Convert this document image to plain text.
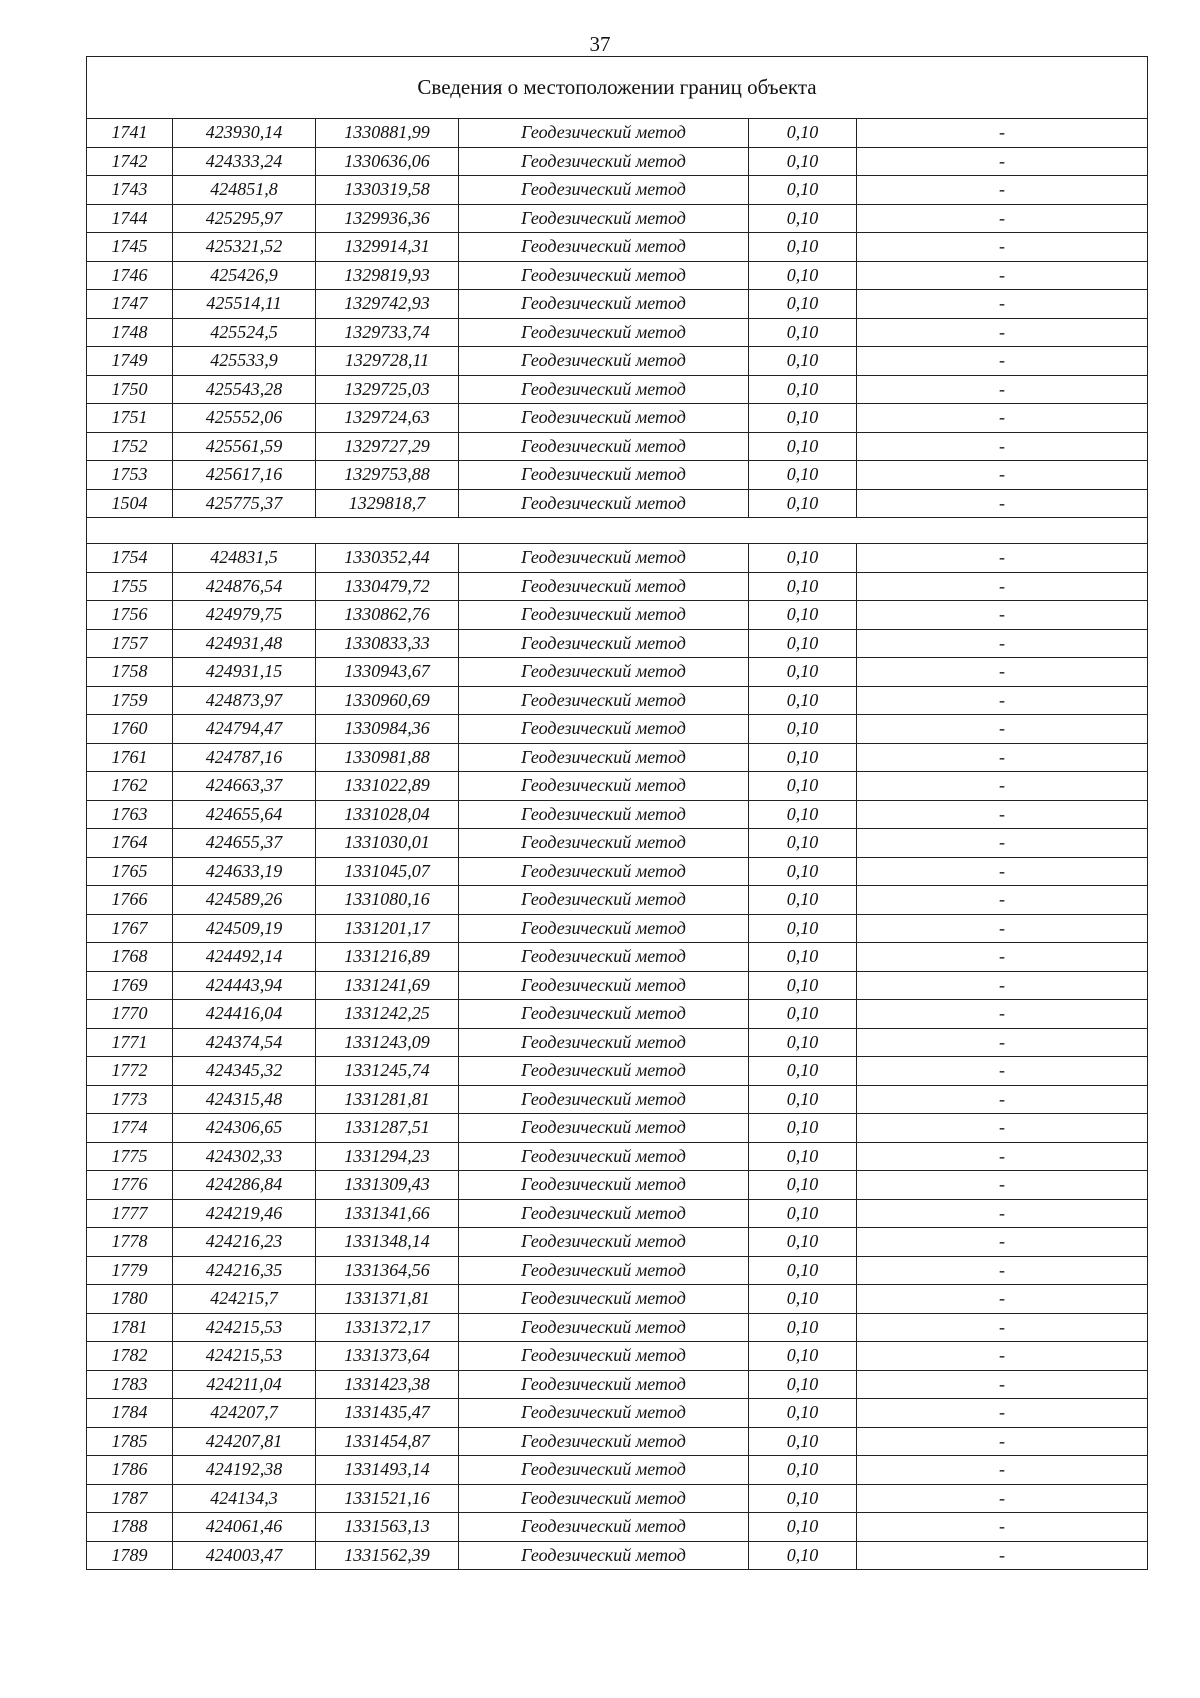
37
Сведения о местоположении границ объекта					
1741	423930,14	1330881,99	Геодезический метод	0,10	-
1742	424333,24	1330636,06	Геодезический метод	0,10	-
1743	424851,8	1330319,58	Геодезический метод	0,10	-
1744	425295,97	1329936,36	Геодезический метод	0,10	-
1745	425321,52	1329914,31	Геодезический метод	0,10	-
1746	425426,9	1329819,93	Геодезический метод	0,10	-
1747	425514,11	1329742,93	Геодезический метод	0,10	-
1748	425524,5	1329733,74	Геодезический метод	0,10	-
1749	425533,9	1329728,11	Геодезический метод	0,10	-
1750	425543,28	1329725,03	Геодезический метод	0,10	-
1751	425552,06	1329724,63	Геодезический метод	0,10	-
1752	425561,59	1329727,29	Геодезический метод	0,10	-
1753	425617,16	1329753,88	Геодезический метод	0,10	-
1504	425775,37	1329818,7	Геодезический метод	0,10	-

1754	424831,5	1330352,44	Геодезический метод	0,10	-
1755	424876,54	1330479,72	Геодезический метод	0,10	-
1756	424979,75	1330862,76	Геодезический метод	0,10	-
1757	424931,48	1330833,33	Геодезический метод	0,10	-
1758	424931,15	1330943,67	Геодезический метод	0,10	-
1759	424873,97	1330960,69	Геодезический метод	0,10	-
1760	424794,47	1330984,36	Геодезический метод	0,10	-
1761	424787,16	1330981,88	Геодезический метод	0,10	-
1762	424663,37	1331022,89	Геодезический метод	0,10	-
1763	424655,64	1331028,04	Геодезический метод	0,10	-
1764	424655,37	1331030,01	Геодезический метод	0,10	-
1765	424633,19	1331045,07	Геодезический метод	0,10	-
1766	424589,26	1331080,16	Геодезический метод	0,10	-
1767	424509,19	1331201,17	Геодезический метод	0,10	-
1768	424492,14	1331216,89	Геодезический метод	0,10	-
1769	424443,94	1331241,69	Геодезический метод	0,10	-
1770	424416,04	1331242,25	Геодезический метод	0,10	-
1771	424374,54	1331243,09	Геодезический метод	0,10	-
1772	424345,32	1331245,74	Геодезический метод	0,10	-
1773	424315,48	1331281,81	Геодезический метод	0,10	-
1774	424306,65	1331287,51	Геодезический метод	0,10	-
1775	424302,33	1331294,23	Геодезический метод	0,10	-
1776	424286,84	1331309,43	Геодезический метод	0,10	-
1777	424219,46	1331341,66	Геодезический метод	0,10	-
1778	424216,23	1331348,14	Геодезический метод	0,10	-
1779	424216,35	1331364,56	Геодезический метод	0,10	-
1780	424215,7	1331371,81	Геодезический метод	0,10	-
1781	424215,53	1331372,17	Геодезический метод	0,10	-
1782	424215,53	1331373,64	Геодезический метод	0,10	-
1783	424211,04	1331423,38	Геодезический метод	0,10	-
1784	424207,7	1331435,47	Геодезический метод	0,10	-
1785	424207,81	1331454,87	Геодезический метод	0,10	-
1786	424192,38	1331493,14	Геодезический метод	0,10	-
1787	424134,3	1331521,16	Геодезический метод	0,10	-
1788	424061,46	1331563,13	Геодезический метод	0,10	-
1789	424003,47	1331562,39	Геодезический метод	0,10	-
